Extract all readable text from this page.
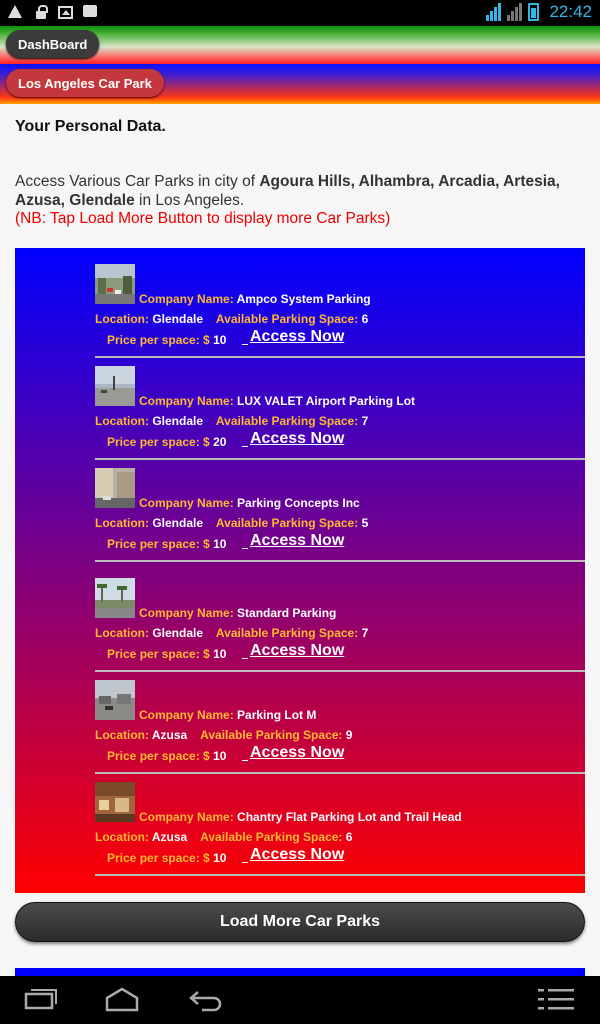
22:42
DashBoard
Los Angeles Car Park
Your Personal Data.
Access Various Car Parks in city of Agoura Hills, Alhambra, Arcadia, Artesia, Azusa, Glendale in Los Angeles.
(NB: Tap Load More Button to display more Car Parks)
Company Name: Ampco System Parking
Location: Glendale Available Parking Space: 6
Price per space: $ 10 Access Now
Company Name: LUX VALET Airport Parking Lot
Location: Glendale Available Parking Space: 7
Price per space: $ 20 Access Now
Company Name: Parking Concepts Inc
Location: Glendale Available Parking Space: 5
Price per space: $ 10 Access Now
Company Name: Standard Parking
Location: Glendale Available Parking Space: 7
Price per space: $ 10 Access Now
Company Name: Parking Lot M
Location: Azusa Available Parking Space: 9
Price per space: $ 10 Access Now
Company Name: Chantry Flat Parking Lot and Trail Head
Location: Azusa Available Parking Space: 6
Price per space: $ 10 Access Now
Load More Car Parks
